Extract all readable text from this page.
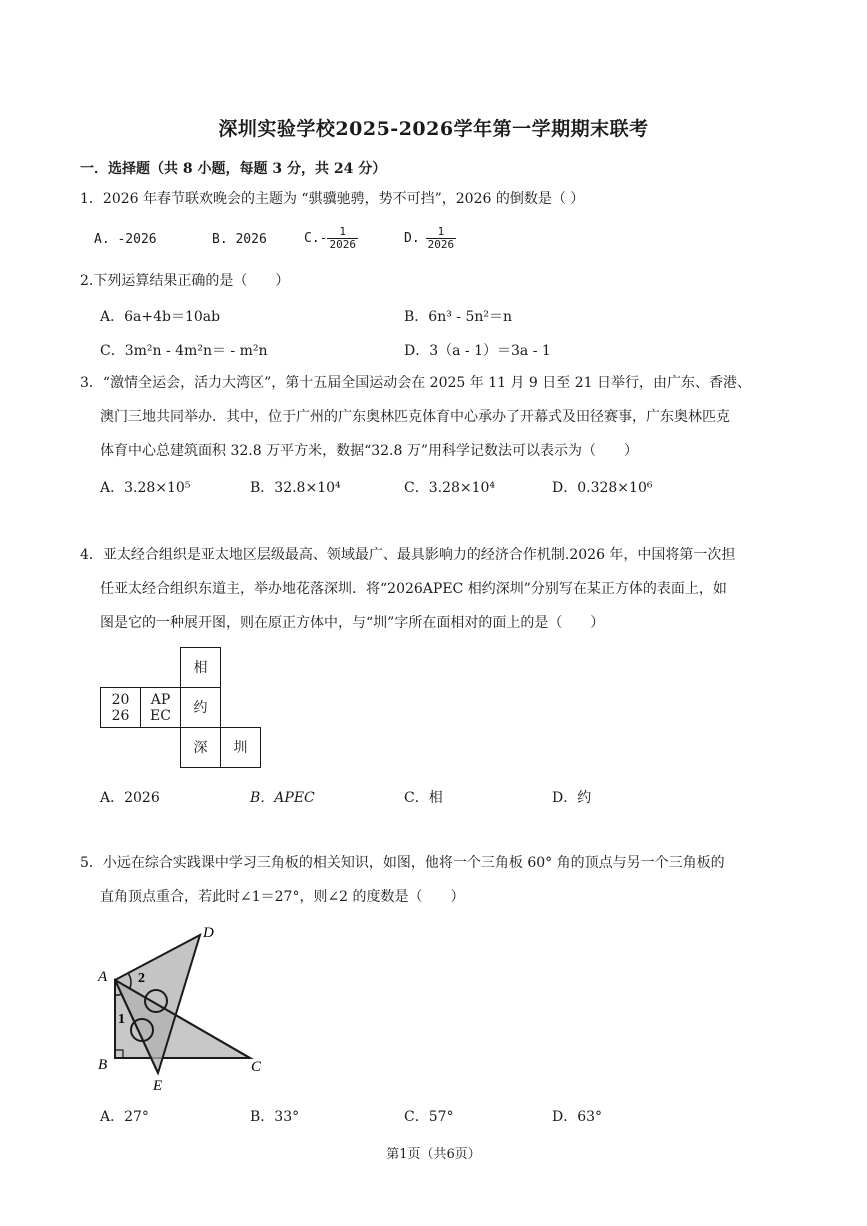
深圳实验学校2025-2026学年第一学期期末联考
一．选择题（共 8 小题，每题 3 分，共 24 分）
1．2026 年春节联欢晚会的主题为 “骐骥驰骋，势不可挡”，2026 的倒数是（ ）
A. -2026	B. 2026	$C.- \frac{1}{2026}$	D. $\frac{1}{2026}$
2.下列运算结果正确的是（　　）
A．6a+4b＝10ab	B．6n³ - 5n²＝n
C．3m²n - 4m²n＝ - m²n	D．3（a - 1）＝3a - 1
3．“激情全运会，活力大湾区”，第十五届全国运动会在 2025 年 11 月 9 日至 21 日举行，由广东、香港、
澳门三地共同举办．其中，位于广州的广东奥林匹克体育中心承办了开幕式及田径赛事，广东奥林匹克
体育中心总建筑面积 32.8 万平方米，数据“32.8 万”用科学记数法可以表示为（　　）
A．3.28×10⁵	B．32.8×10⁴	C．3.28×10⁴	D．0.328×10⁶
4．亚太经合组织是亚太地区层级最高、领域最广、最具影响力的经济合作机制.2026 年，中国将第一次担
任亚太经合组织东道主，举办地花落深圳．将“2026APEC 相约深圳”分别写在某正方体的表面上，如
图是它的一种展开图，则在原正方体中，与“圳”字所在面相对的面上的是（　　）
相
20
26
AP
EC	约
深	圳
A．2026	B．APEC	C．相	D．约
5．小远在综合实践课中学习三角板的相关知识，如图，他将一个三角板 60° 角的顶点与另一个三角板的
直角顶点重合，若此时∠1＝27°，则∠2 的度数是（　　）
A
B	C
D
E
2
1
A．27°	B．33°	C．57°	D．63°
第1页（共6页）
